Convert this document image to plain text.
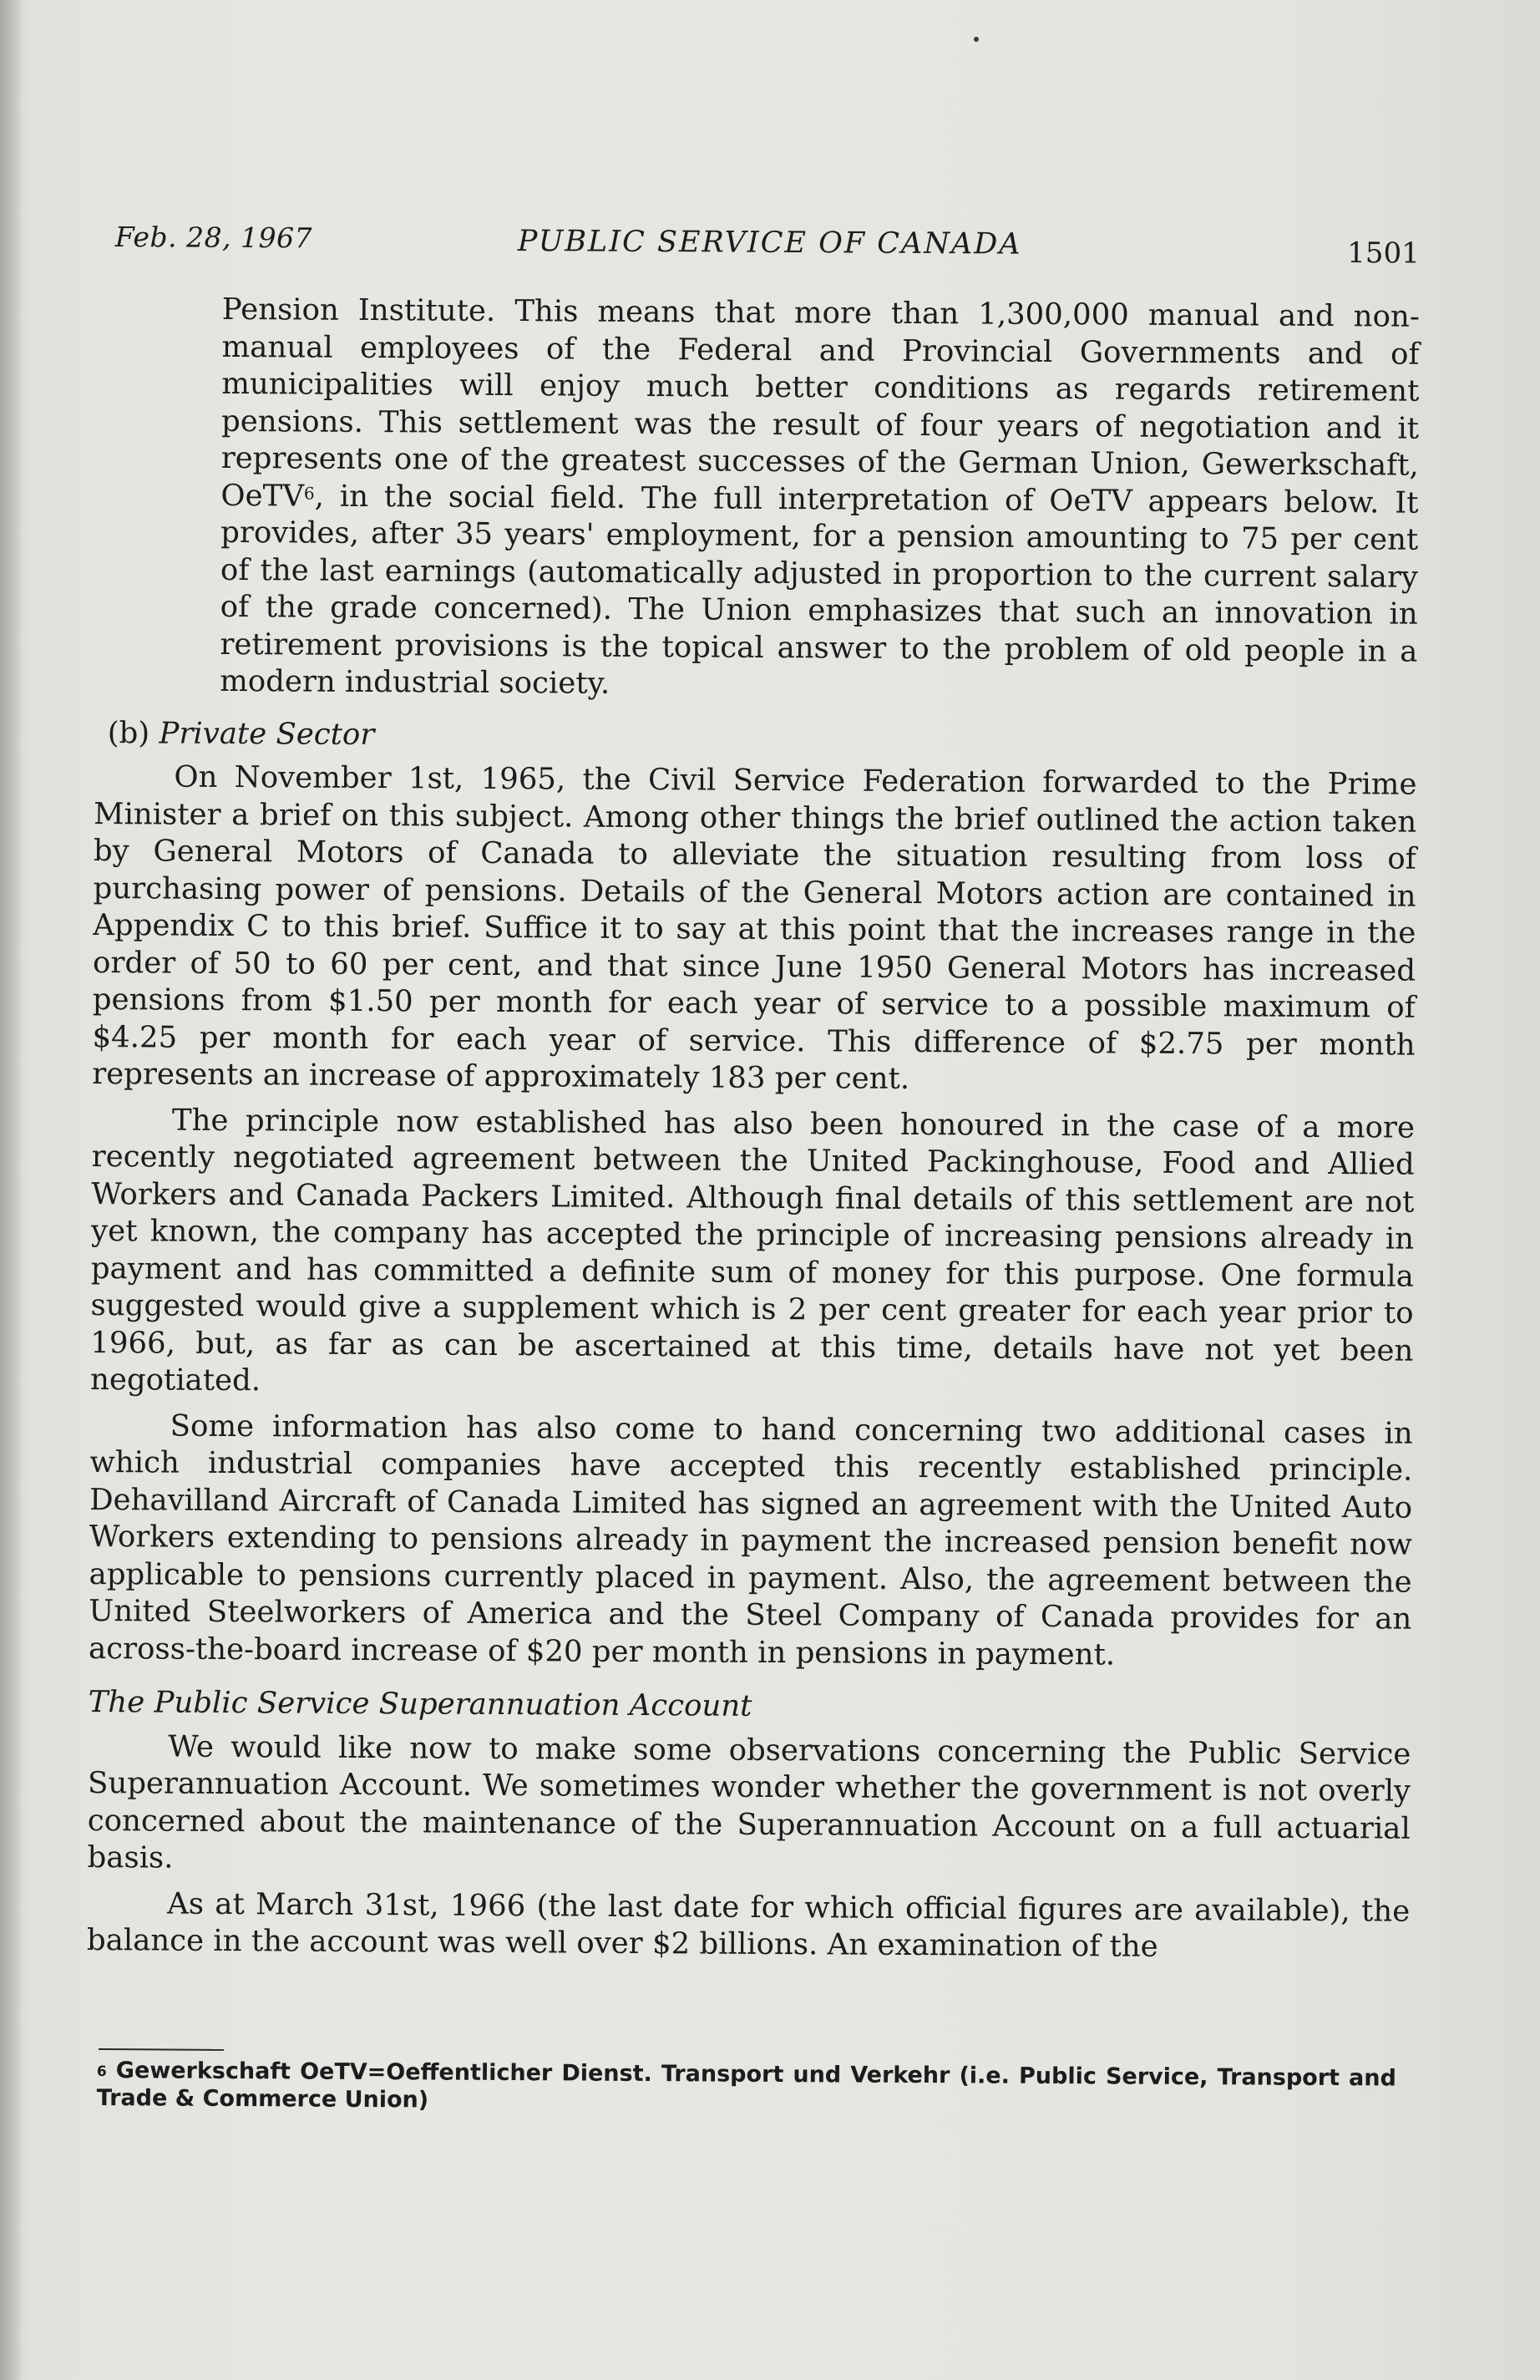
Feb. 28, 1967	PUBLIC SERVICE OF CANADA	1501

Pension Institute. This means that more than 1,300,000 manual and non-manual employees of the Federal and Provincial Governments and of municipalities will enjoy much better conditions as regards retirement pensions. This settlement was the result of four years of negotiation and it represents one of the greatest successes of the German Union, Gewerkschaft, OeTV$^6$, in the social field. The full interpretation of OeTV appears below. It provides, after 35 years' employment, for a pension amounting to 75 per cent of the last earnings (automatically adjusted in proportion to the current salary of the grade concerned). The Union emphasizes that such an innovation in retirement provisions is the topical answer to the problem of old people in a modern industrial society.

(b) Private Sector

On November 1st, 1965, the Civil Service Federation forwarded to the Prime Minister a brief on this subject. Among other things the brief outlined the action taken by General Motors of Canada to alleviate the situation resulting from loss of purchasing power of pensions. Details of the General Motors action are contained in Appendix C to this brief. Suffice it to say at this point that the increases range in the order of 50 to 60 per cent, and that since June 1950 General Motors has increased pensions from $1.50 per month for each year of service to a possible maximum of $4.25 per month for each year of service. This difference of $2.75 per month represents an increase of approximately 183 per cent.

The principle now established has also been honoured in the case of a more recently negotiated agreement between the United Packinghouse, Food and Allied Workers and Canada Packers Limited. Although final details of this settlement are not yet known, the company has accepted the principle of increasing pensions already in payment and has committed a definite sum of money for this purpose. One formula suggested would give a supplement which is 2 per cent greater for each year prior to 1966, but, as far as can be ascertained at this time, details have not yet been negotiated.

Some information has also come to hand concerning two additional cases in which industrial companies have accepted this recently established principle. Dehavilland Aircraft of Canada Limited has signed an agreement with the United Auto Workers extending to pensions already in payment the increased pension benefit now applicable to pensions currently placed in payment. Also, the agreement between the United Steelworkers of America and the Steel Company of Canada provides for an across-the-board increase of $20 per month in pensions in payment.

The Public Service Superannuation Account

We would like now to make some observations concerning the Public Service Superannuation Account. We sometimes wonder whether the government is not overly concerned about the maintenance of the Superannuation Account on a full actuarial basis.

As at March 31st, 1966 (the last date for which official figures are available), the balance in the account was well over $2 billions. An examination of the

$^6$ Gewerkschaft OeTV=Oeffentlicher Dienst. Transport und Verkehr (i.e. Public Service, Transport and Trade & Commerce Union)
